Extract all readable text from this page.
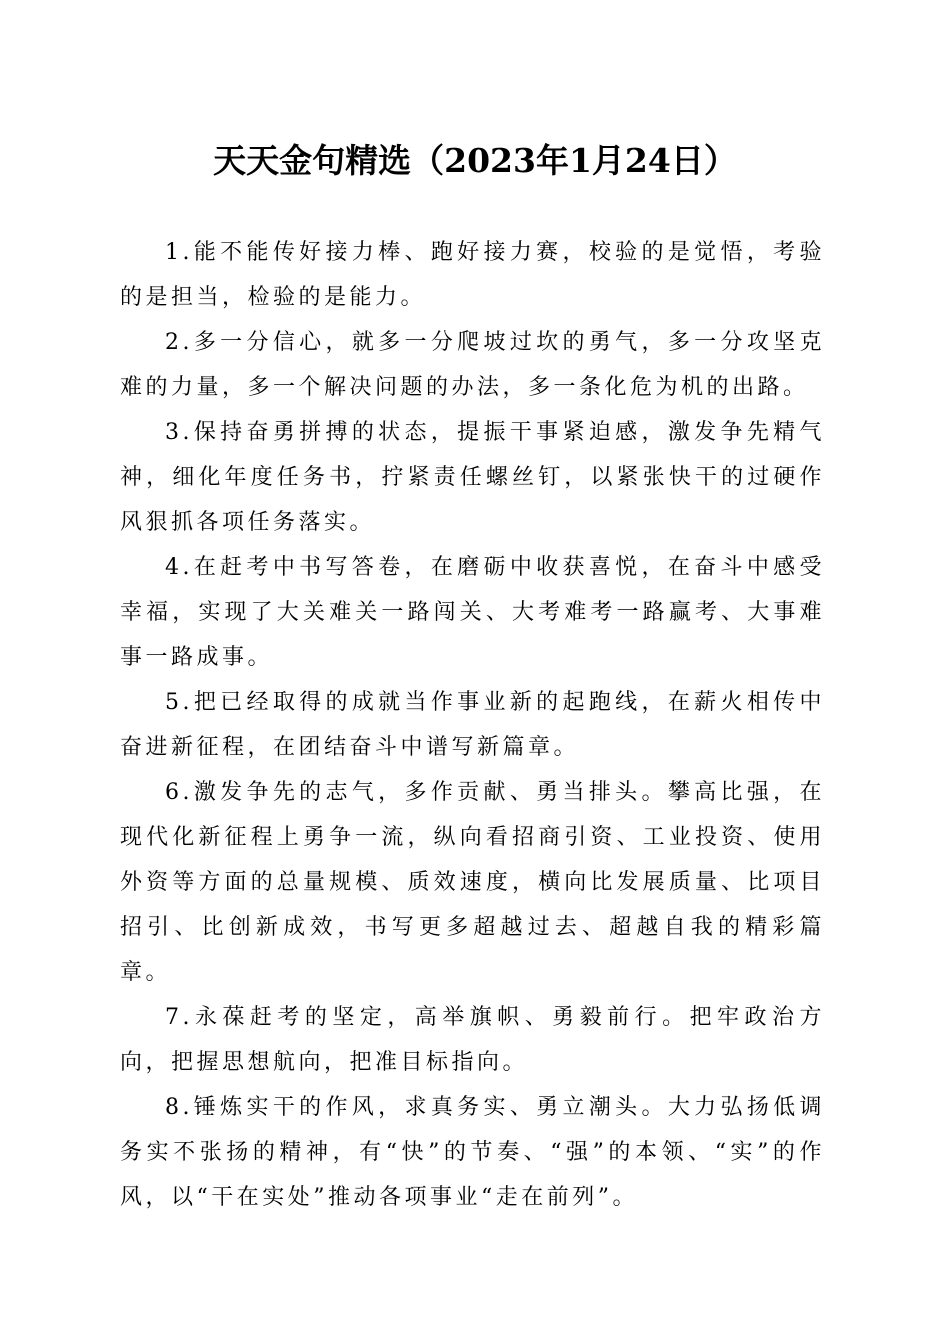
天天金句精选（2023年1月24日）

1.能不能传好接力棒、跑好接力赛，校验的是觉悟，考验的是担当，检验的是能力。

2.多一分信心，就多一分爬坡过坎的勇气，多一分攻坚克难的力量，多一个解决问题的办法，多一条化危为机的出路。

3.保持奋勇拼搏的状态，提振干事紧迫感，激发争先精气神，细化年度任务书，拧紧责任螺丝钉，以紧张快干的过硬作风狠抓各项任务落实。

4.在赶考中书写答卷，在磨砺中收获喜悦，在奋斗中感受幸福，实现了大关难关一路闯关、大考难考一路赢考、大事难事一路成事。

5.把已经取得的成就当作事业新的起跑线，在薪火相传中奋进新征程，在团结奋斗中谱写新篇章。

6.激发争先的志气，多作贡献、勇当排头。攀高比强，在现代化新征程上勇争一流，纵向看招商引资、工业投资、使用外资等方面的总量规模、质效速度，横向比发展质量、比项目招引、比创新成效，书写更多超越过去、超越自我的精彩篇章。

7.永葆赶考的坚定，高举旗帜、勇毅前行。把牢政治方向，把握思想航向，把准目标指向。

8.锤炼实干的作风，求真务实、勇立潮头。大力弘扬低调务实不张扬的精神，有“快”的节奏、“强”的本领、“实”的作风，以“干在实处”推动各项事业“走在前列”。
